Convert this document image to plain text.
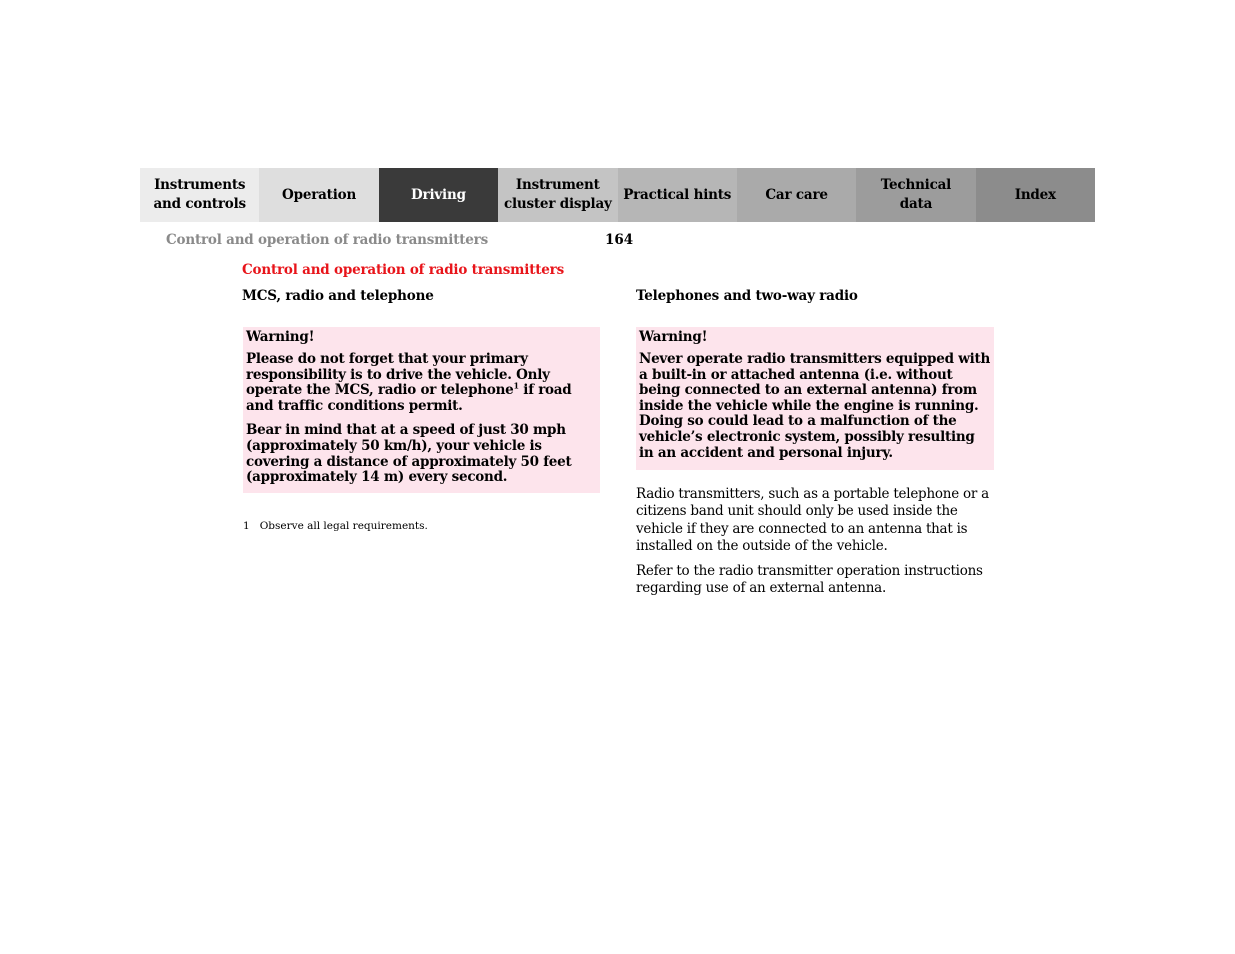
Instruments
and controls
Operation	Driving
Instrument
cluster display
Practical hints	Car care
Technical
data
Index
Control and operation of radio transmitters	164
Control and operation of radio transmitters
MCS, radio and telephone	Telephones and two-way radio

Warning!

Please do not forget that your primary responsibility is to drive the vehicle. Only operate the MCS, radio or telephone$^1$ if road and traffic conditions permit.

Bear in mind that at a speed of just 30 mph (approximately 50 km/h), your vehicle is covering a distance of approximately 50 feet (approximately 14 m) every second.

1 Observe all legal requirements.

Warning!

Never operate radio transmitters equipped with a built-in or attached antenna (i.e. without being connected to an external antenna) from inside the vehicle while the engine is running. Doing so could lead to a malfunction of the vehicle’s electronic system, possibly resulting in an accident and personal injury.

Radio transmitters, such as a portable telephone or a citizens band unit should only be used inside the vehicle if they are connected to an antenna that is installed on the outside of the vehicle.

Refer to the radio transmitter operation instructions regarding use of an external antenna.
